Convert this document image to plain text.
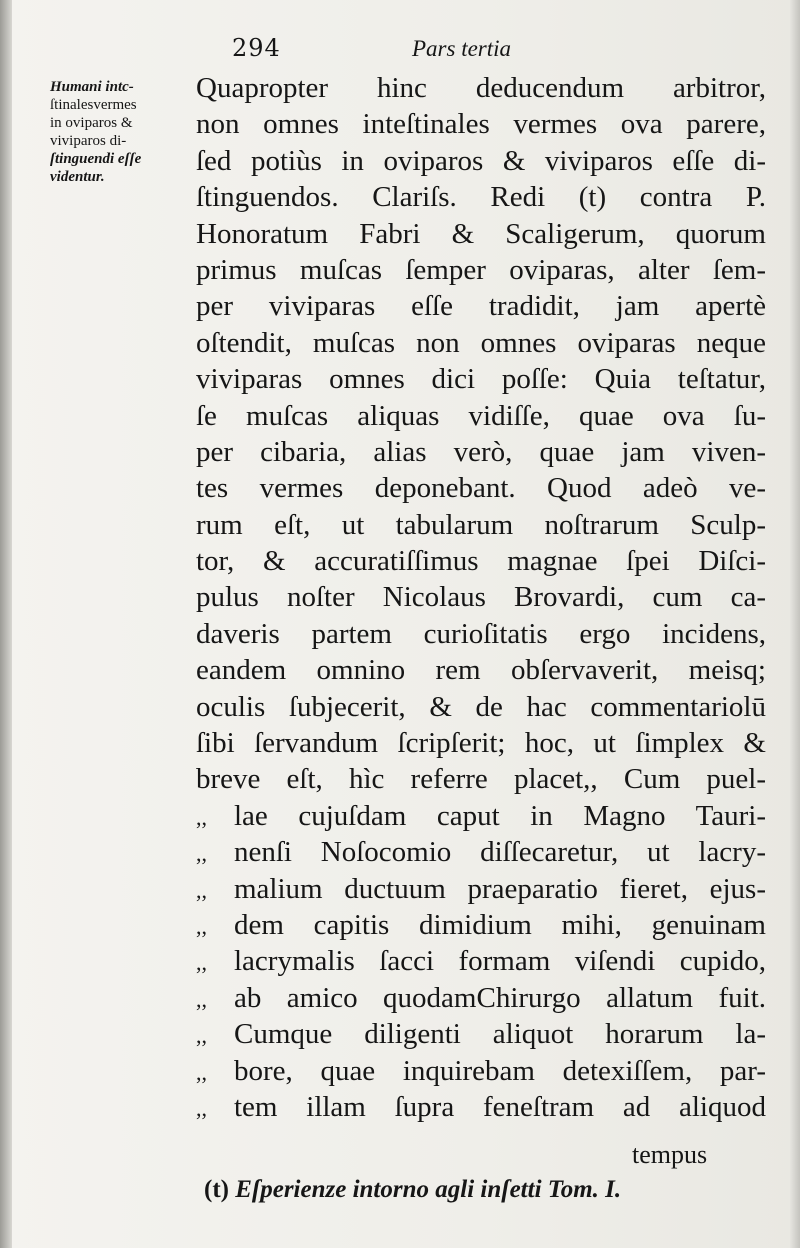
294	Pars tertia
Humani intc-
ſtinalesvermes
in oviparos &
viviparos di-
ſtinguendi eſſe
videntur.
Quapropter hinc deducendum arbitror,
non omnes inteſtinales vermes ova parere,
ſed potiùs in oviparos & viviparos eſſe di-
ſtinguendos. Clariſs. Redi (t) contra P.
Honoratum Fabri & Scaligerum, quorum
primus muſcas ſemper oviparas, alter ſem-
per viviparas eſſe tradidit, jam apertè
oſtendit, muſcas non omnes oviparas neque
viviparas omnes dici poſſe: Quia teſtatur,
ſe muſcas aliquas vidiſſe, quae ova ſu-
per cibaria, alias verò, quae jam viven-
tes vermes deponebant. Quod adeò ve-
rum eſt, ut tabularum noſtrarum Sculp-
tor, & accuratiſſimus magnae ſpei Diſci-
pulus noſter Nicolaus Brovardi, cum ca-
daveris partem curioſitatis ergo incidens,
eandem omnino rem obſervaverit, meisq;
oculis ſubjecerit, & de hac commentariolū
ſibi ſervandum ſcripſerit; hoc, ut ſimplex &
breve eſt, hìc referre placet,, Cum puel-
,, lae cujuſdam caput in Magno Tauri-
,, nenſi Noſocomio diſſecaretur, ut lacry-
,, malium ductuum praeparatio fieret, ejus-
,, dem capitis dimidium mihi, genuinam
,, lacrymalis ſacci formam viſendi cupido,
,, ab amico quodamChirurgo allatum fuit.
,, Cumque diligenti aliquot horarum la-
,, bore, quae inquirebam detexiſſem, par-
,, tem illam ſupra feneſtram ad aliquod
tempus
(t) Eſperienze intorno agli inſetti Tom. I.
